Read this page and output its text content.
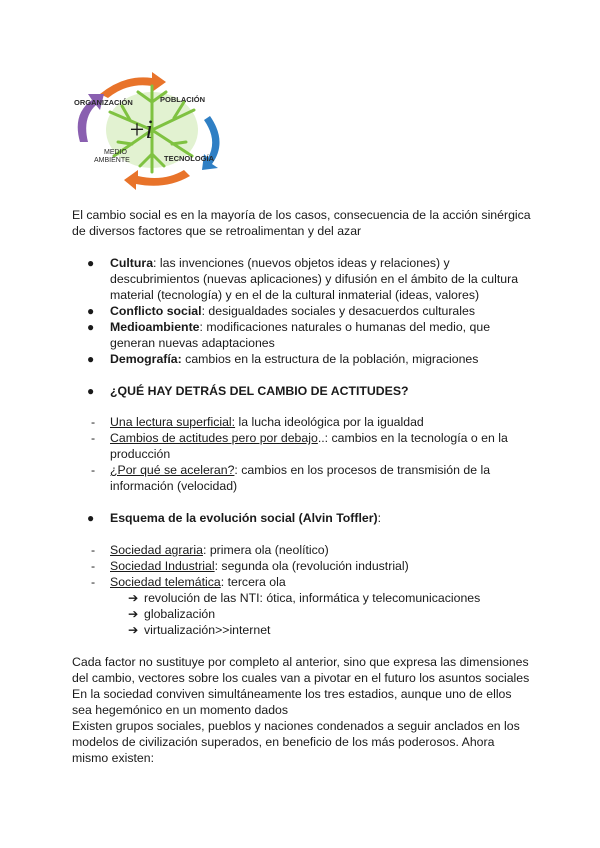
ORGANIZACIÓN	POBLACIÓN
MEDIO
AMBIENTE	TECNOLOGÍA
+i

El cambio social es en la mayoría de los casos, consecuencia de la acción sinérgica

de diversos factores que se retroalimentan y del azar

● Cultura: las invenciones (nuevos objetos ideas y relaciones) y
descubrimientos (nuevas aplicaciones) y difusión en el ámbito de la cultura
material (tecnología) y en el de la cultural inmaterial (ideas, valores)
● Conflicto social: desigualdades sociales y desacuerdos culturales
● Medioambiente: modificaciones naturales o humanas del medio, que
generan nuevas adaptaciones
● Demografía: cambios en la estructura de la población, migraciones
● ¿QUÉ HAY DETRÁS DEL CAMBIO DE ACTITUDES?
- Una lectura superficial: la lucha ideológica por la igualdad
- Cambios de actitudes pero por debajo..: cambios en la tecnología o en la
producción
- ¿Por qué se aceleran?: cambios en los procesos de transmisión de la
información (velocidad)
● Esquema de la evolución social (Alvin Toffler):
- Sociedad agraria: primera ola (neolítico)
- Sociedad Industrial: segunda ola (revolución industrial)
- Sociedad telemática: tercera ola
➔ revolución de las NTI: ótica, informática y telecomunicaciones
➔ globalización
➔ virtualización>>internet

Cada factor no sustituye por completo al anterior, sino que expresa las dimensiones

del cambio, vectores sobre los cuales van a pivotar en el futuro los asuntos sociales

En la sociedad conviven simultáneamente los tres estadios, aunque uno de ellos

sea hegemónico en un momento dados

Existen grupos sociales, pueblos y naciones condenados a seguir anclados en los

modelos de civilización superados, en beneficio de los más poderosos. Ahora

mismo existen:
